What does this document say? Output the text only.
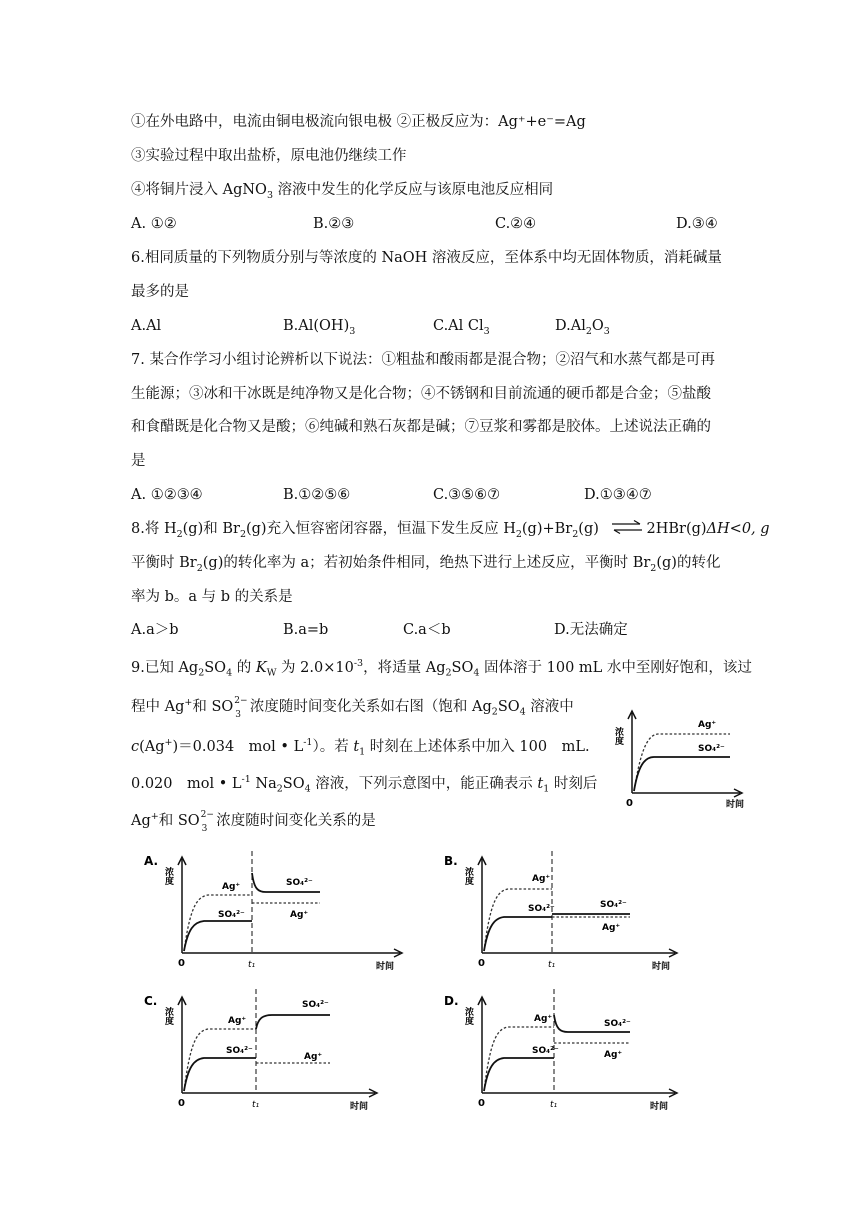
①在外电路中，电流由铜电极流向银电极 ②正极反应为：Ag⁺+e⁻=Ag
③实验过程中取出盐桥，原电池仍继续工作
④将铜片浸入 AgNO$_3$ 溶液中发生的化学反应与该原电池反应相同
A. ①②	B.②③	C.②④	D.③④
6.相同质量的下列物质分别与等浓度的 NaOH 溶液反应，至体系中均无固体物质，消耗碱量
最多的是
A.Al	$B.Al(OH)_3$	C.Al $Cl_3$	$D.Al_2O_3$
7. 某合作学习小组讨论辨析以下说法：①粗盐和酸雨都是混合物；②沼气和水蒸气都是可再
生能源；③冰和干冰既是纯净物又是化合物；④不锈钢和目前流通的硬币都是合金；⑤盐酸
和食醋既是化合物又是酸；⑥纯碱和熟石灰都是碱；⑦豆浆和雾都是胶体。上述说法正确的
是
A. ①②③④	B.①②⑤⑥	C.③⑤⑥⑦	D.①③④⑦
8.将 $H_2(g)$和 $Br_2(g)$充入恒容密闭容器，恒温下发生反应 $H_2(g)+Br_2(g)$ ⇌ 2HBr(g)ΔH<0, g
平衡时 $Br_2(g)$的转化率为 a；若初始条件相同，绝热下进行上述反应，平衡时 $Br_2(g)$的转化
率为 b。a 与 b 的关系是
A.a＞b	B.a=b	C.a＜b	D.无法确定
9.已知 $Ag_2SO_4$ 的 $K_W$ 为 $2.0\times 10^{-3}$，将适量 $Ag_2SO_4$ 固体溶于 100 mL 水中至刚好饱和，该过
程中 Ag+和 SO 2−
3 浓度随时间变化关系如右图（饱和 $Ag_2SO_4$ 溶液中
c(Ag+)＝0.034　mol • $L^{-1}$）。若 $t_1$ 时刻在上述体系中加入 100　mL.
0.020　mol • $L^{-1}$ $Na_2SO_4$ 溶液，下列示意图中，能正确表示 $t_1$ 时刻后
Ag+和 SO 2−
3 浓度随时间变化关系的是
浓度
时间
0
Ag⁺
SO₄²⁻
A.
浓度
时间
0	t₁
Ag⁺
SO₄²⁻
SO₄²⁻
Ag⁺
B.
浓度
时间
0	t₁
Ag⁺
SO₄²⁻	SO₄²⁻
Ag⁺
C.
浓度
时间
0	t₁
Ag⁺
SO₄²⁻
SO₄²⁻
Ag⁺
D.
浓度
时间
0	t₁
Ag⁺
SO₄²⁻
SO₄²⁻
Ag⁺
